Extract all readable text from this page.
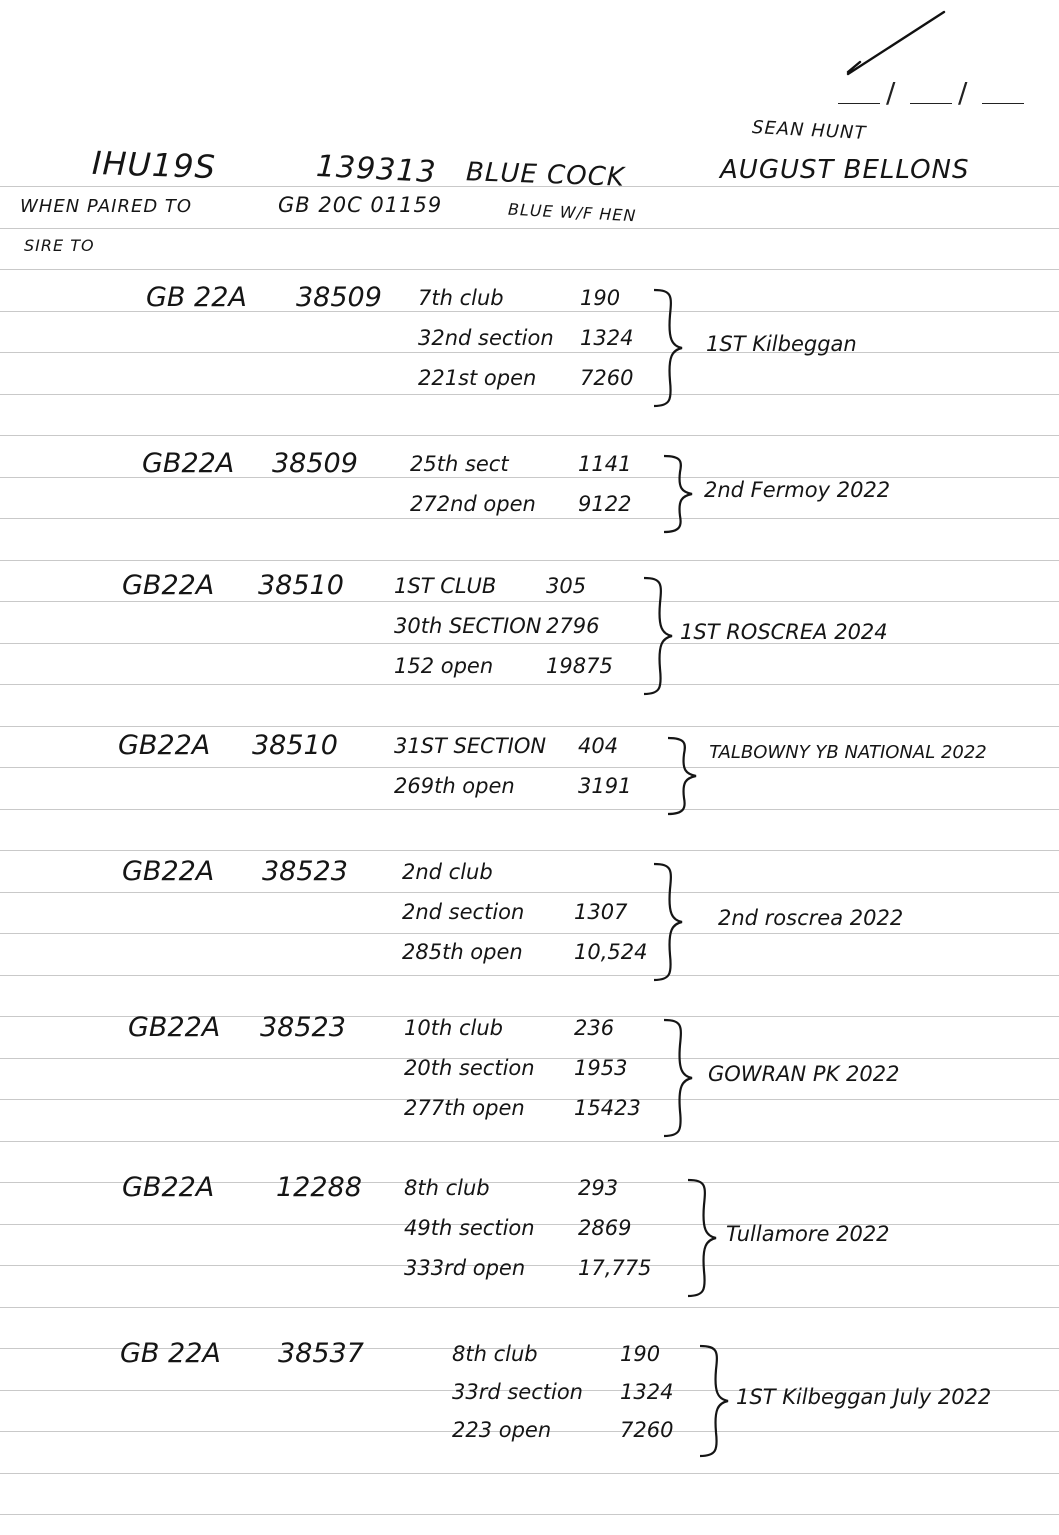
/ /
SEAN HUNT
AUGUST BELLONS
IHU19S	139313 BLUE COCK
WHEN PAIRED TO	GB 20C 01159	BLUE W/F HEN
SIRE TO
GB 22A 38509 7th club	190
32nd section 1324
221st open 7260
1ST Kilbeggan
GB22A 38509 25th sect	1141
272nd open 9122
2nd Fermoy 2022
GB22A 38510 1ST CLUB 305
30th SECTION 2796
152 open	19875
1ST ROSCREA 2024
GB22A 38510	31ST SECTION 404
269th open	3191
TALBOWNY YB NATIONAL 2022
GB22A 38523	2nd club
2nd section 1307
285th open 10,524
2nd roscrea 2022
GB22A 38523	10th club	236
20th section 1953
277th open 15423
GOWRAN PK 2022
GB22A 12288 8th club	293
49th section 2869
333rd open	17,775
Tullamore 2022
GB 22A 38537	8th club	190
33rd section 1324
223 open	7260
1ST Kilbeggan July 2022
